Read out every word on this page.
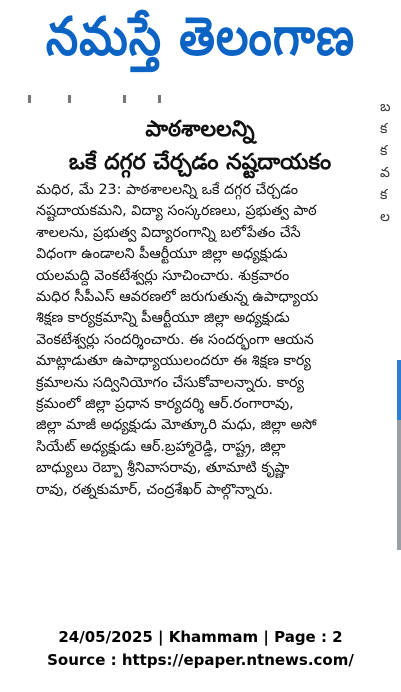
నమస్తే తెలంగాణ
బ
క
క
వ
క
ల
పాఠశాలలన్ని
ఒకే దగ్గర చేర్చడం నష్టదాయకం
మధిర, మే 23: పాఠశాలలన్ని ఒకే దగ్గర చేర్చడం
నష్టదాయకమని, విద్యా సంస్కరణలు, ప్రభుత్వ పాఠ
శాలలను, ప్రభుత్వ విద్యారంగాన్ని బలోపేతం చేసే
విధంగా ఉండాలని పీఆర్టీయూ జిల్లా అధ్యక్షుడు
యలమద్ది వెంకటేశ్వర్లు సూచించారు. శుక్రవారం
మధిర సీపీఎస్ ఆవరణలో జరుగుతున్న ఉపాధ్యాయ
శిక్షణ కార్యక్రమాన్ని పీఆర్టీయూ జిల్లా అధ్యక్షుడు
వెంకటేశ్వర్లు సందర్శించారు. ఈ సందర్భంగా ఆయన
మాట్లాడుతూ ఉపాధ్యాయులందరూ ఈ శిక్షణ కార్య
క్రమాలను సద్వినియోగం చేసుకోవాలన్నారు. కార్య
క్రమంలో జిల్లా ప్రధాన కార్యదర్శి ఆర్.రంగారావు,
జిల్లా మాజీ అధ్యక్షుడు మోత్కూరి మధు, జిల్లా అసో
సియేట్ అధ్యక్షుడు ఆర్.బ్రహ్మారెడ్డి, రాష్ట్ర, జిల్లా
బాధ్యులు రెబ్బా శ్రీనివాసరావు, తూమాటి కృష్ణా
రావు, రత్నకుమార్, చంద్రశేఖర్ పాల్గొన్నారు.
24/05/2025 | Khammam | Page : 2
Source : https://epaper.ntnews.com/
